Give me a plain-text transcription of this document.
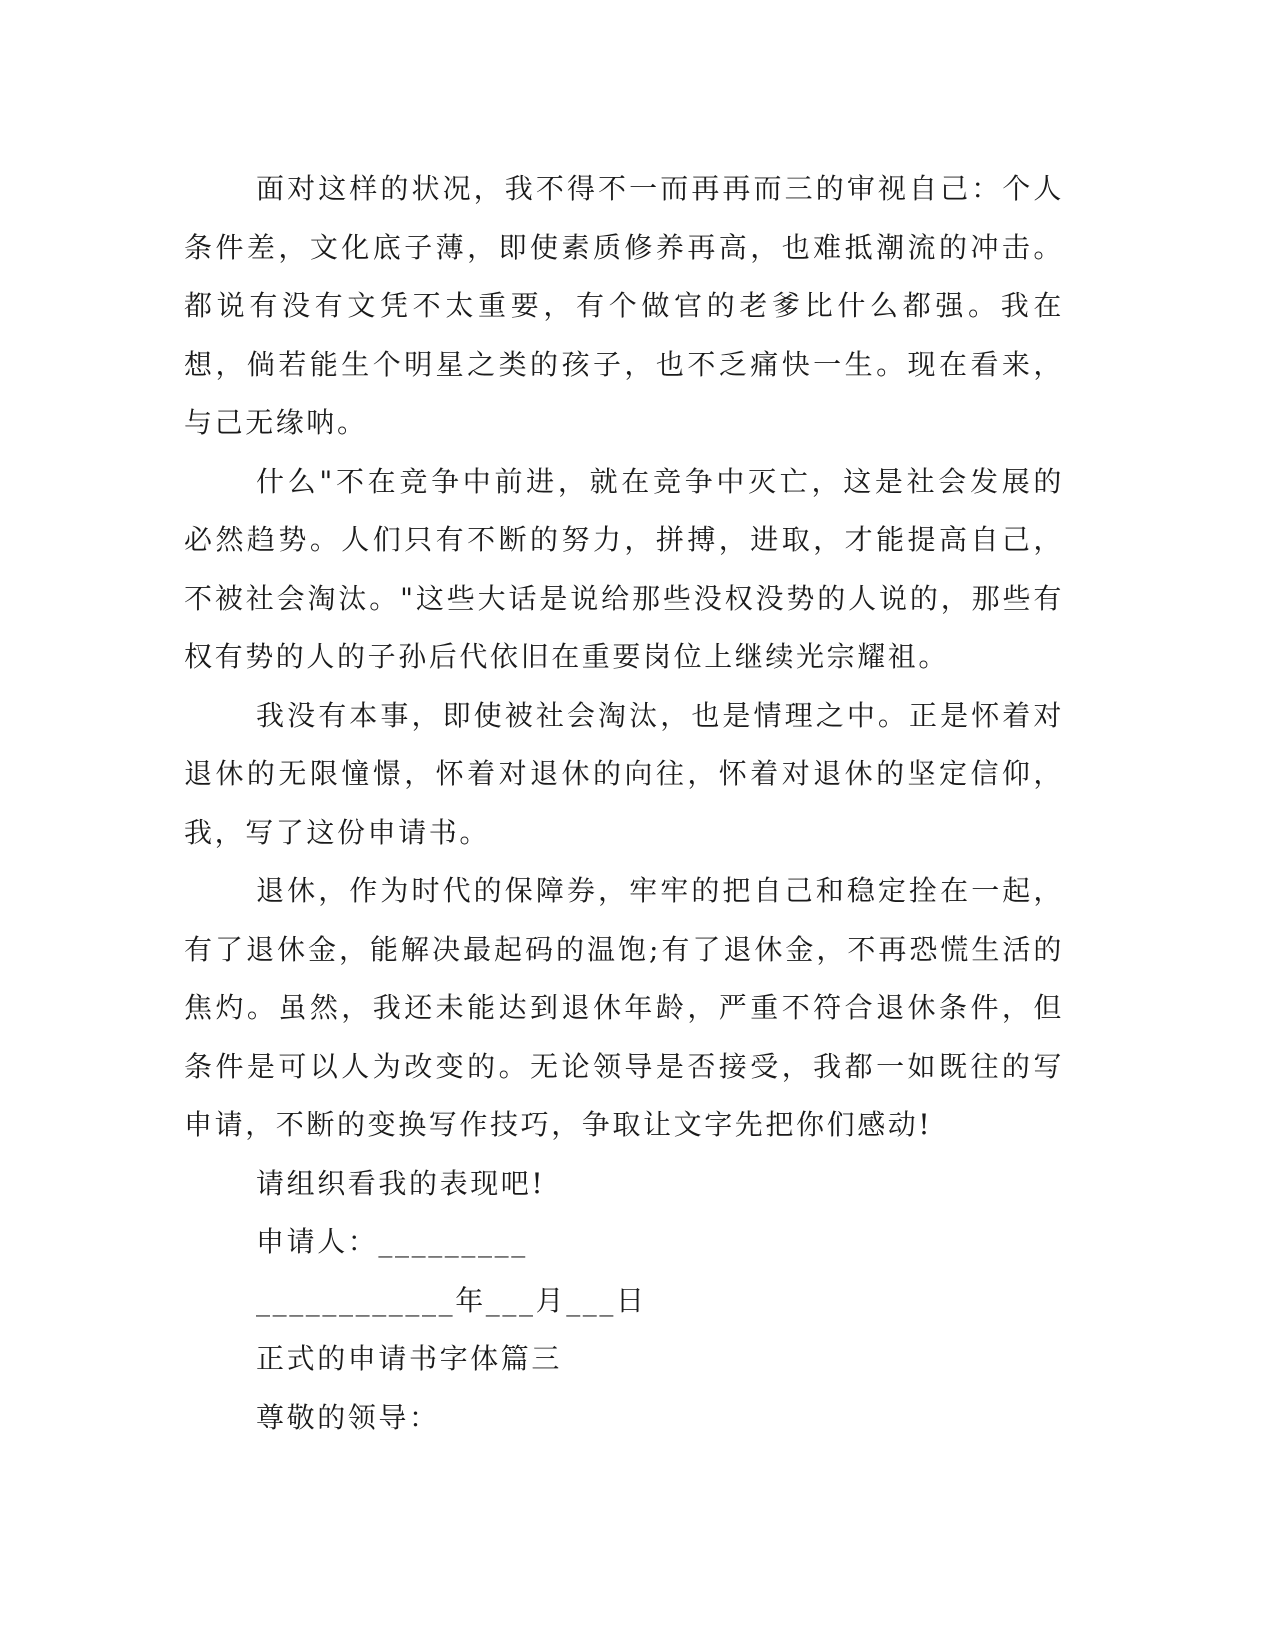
面对这样的状况，我不得不一而再再而三的审视自己：个人条件差，文化底子薄，即使素质修养再高，也难抵潮流的冲击。都说有没有文凭不太重要，有个做官的老爹比什么都强。我在想，倘若能生个明星之类的孩子，也不乏痛快一生。现在看来，与己无缘呐。

什么"不在竞争中前进，就在竞争中灭亡，这是社会发展的必然趋势。人们只有不断的努力，拼搏，进取，才能提高自己，不被社会淘汰。"这些大话是说给那些没权没势的人说的，那些有权有势的人的子孙后代依旧在重要岗位上继续光宗耀祖。

我没有本事，即使被社会淘汰，也是情理之中。正是怀着对退休的无限憧憬，怀着对退休的向往，怀着对退休的坚定信仰，我，写了这份申请书。

退休，作为时代的保障券，牢牢的把自己和稳定拴在一起，有了退休金，能解决最起码的温饱;有了退休金，不再恐慌生活的焦灼。虽然，我还未能达到退休年龄，严重不符合退休条件，但条件是可以人为改变的。无论领导是否接受，我都一如既往的写申请，不断的变换写作技巧，争取让文字先把你们感动!

请组织看我的表现吧!

申请人：_________

____________年___月___日

正式的申请书字体篇三

尊敬的领导：
